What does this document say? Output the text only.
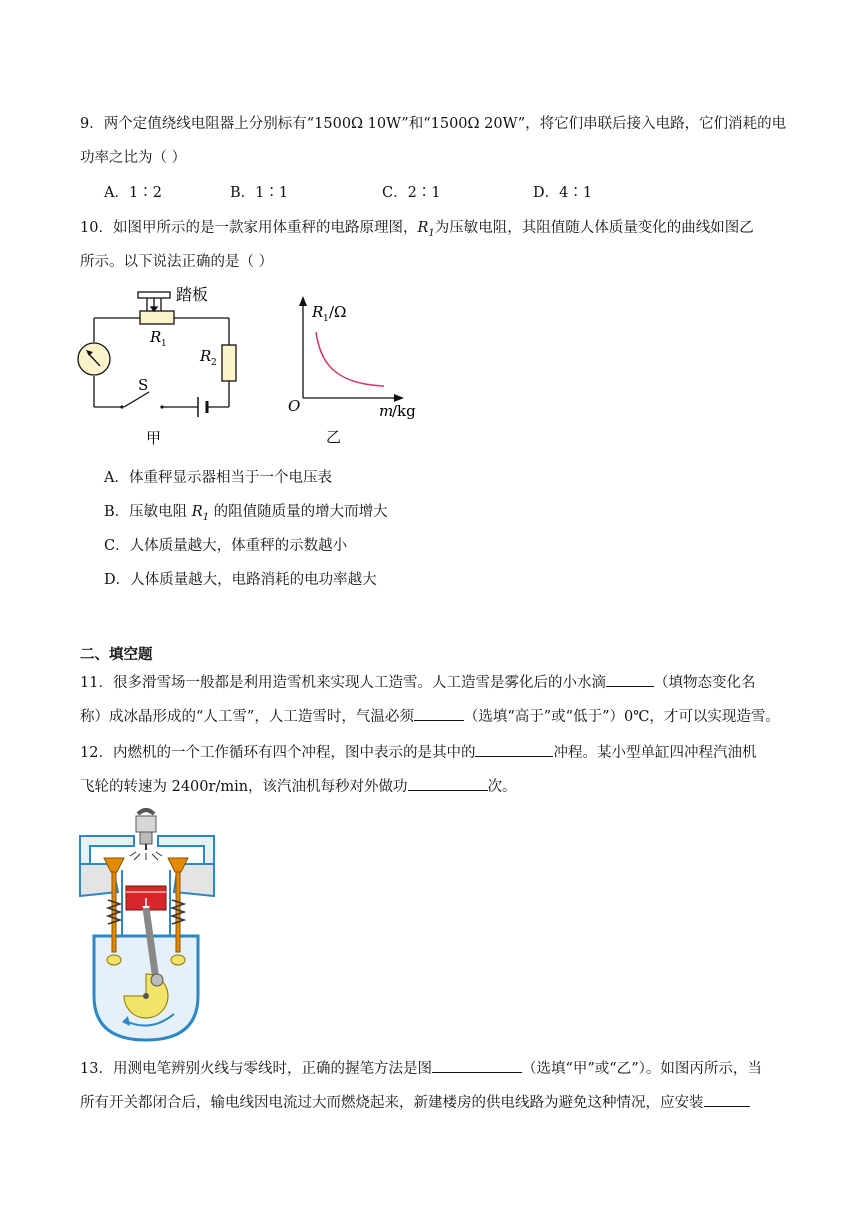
9．两个定值绕线电阻器上分别标有“1500Ω 10W”和“1500Ω 20W”，将它们串联后接入电路，它们消耗的电
功率之比为（ ）
A．1∶2	B．1∶1	C．2∶1	D．4∶1
10．如图甲所示的是一款家用体重秤的电路原理图，$R_1$为压敏电阻，其阻值随人体质量变化的曲线如图乙
所示。以下说法正确的是（ ）
踏板
R 1
R 2
S
甲
R 1 /Ω
O	m
/kg
乙
A．体重秤显示器相当于一个电压表
B．压敏电阻 $R_1$ 的阻值随质量的增大而增大
C．人体质量越大，体重秤的示数越小
D．人体质量越大，电路消耗的电功率越大
二、填空题
11．很多滑雪场一般都是利用造雪机来实现人工造雪。人工造雪是雾化后的小水滴	（填物态变化名
称）成冰晶形成的“人工雪”，人工造雪时，气温必须	（选填“高于”或“低于”）0℃，才可以实现造雪。
12．内燃机的一个工作循环有四个冲程，图中表示的是其中的	冲程。某小型单缸四冲程汽油机
飞轮的转速为 2400r/min，该汽油机每秒对外做功	次。
13．用测电笔辨别火线与零线时，正确的握笔方法是图	（选填“甲”或“乙”）。如图丙所示，当
所有开关都闭合后，输电线因电流过大而燃烧起来，新建楼房的供电线路为避免这种情况，应安装
